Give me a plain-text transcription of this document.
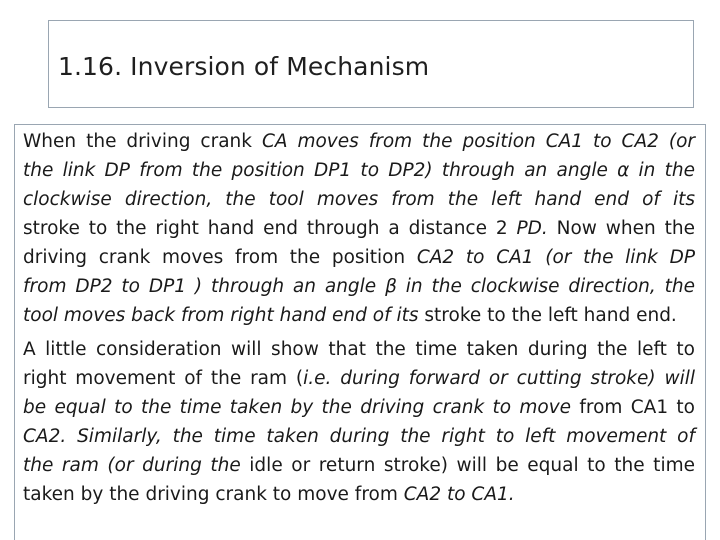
1.16. Inversion of Mechanism

When the driving crank CA moves from the position CA1 to CA2 (or
the link DP from the position DP1 to DP2) through an angle α in the
clockwise direction, the tool moves from the left hand end of its
stroke to the right hand end through a distance 2 PD. Now when the
driving crank moves from the position CA2 to CA1 (or the link DP
from DP2 to DP1 ) through an angle β in the clockwise direction, the
tool moves back from right hand end of its stroke to the left hand end.

A little consideration will show that the time taken during the left to
right movement of the ram (i.e. during forward or cutting stroke) will
be equal to the time taken by the driving crank to move from CA1 to
CA2. Similarly, the time taken during the right to left movement of
the ram (or during the idle or return stroke) will be equal to the time
taken by the driving crank to move from CA2 to CA1.
